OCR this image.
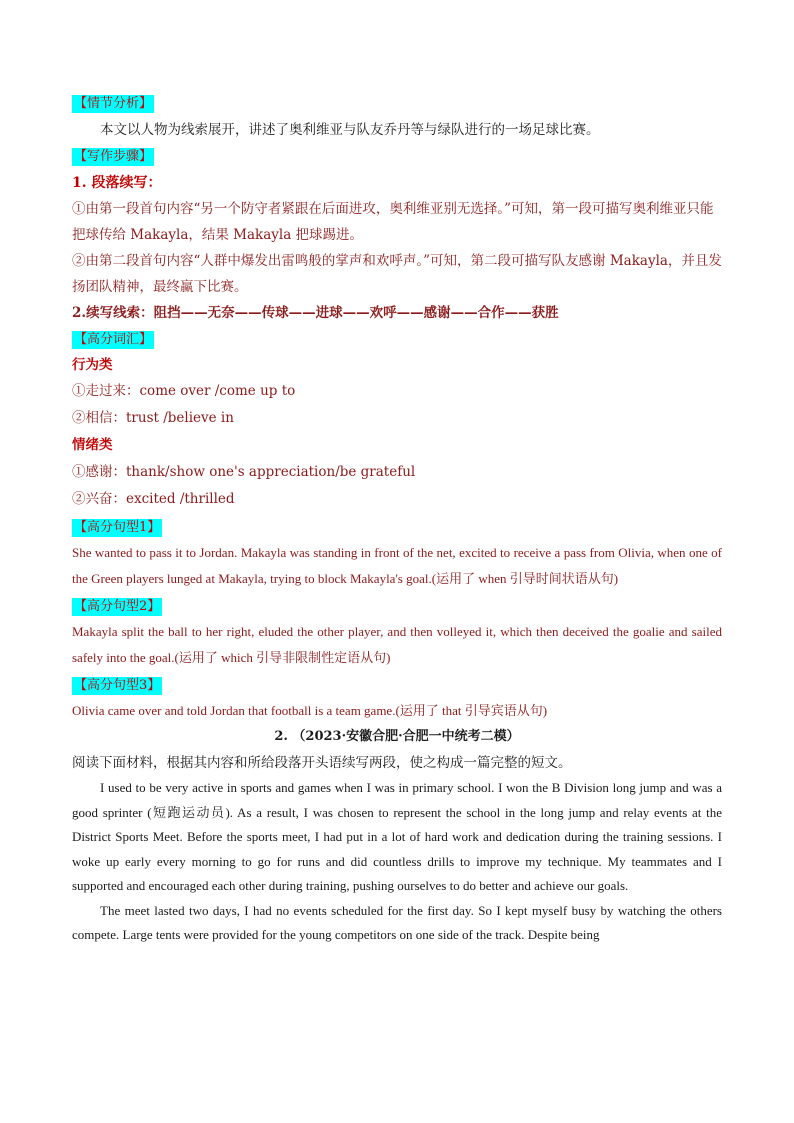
【情节分析】

本文以人物为线索展开，讲述了奥利维亚与队友乔丹等与绿队进行的一场足球比赛。

【写作步骤】

1. 段落续写：

①由第一段首句内容“另一个防守者紧跟在后面进攻，奥利维亚别无选择。”可知，第一段可描写奥利维亚只能把球传给 Makayla，结果 Makayla 把球踢进。

②由第二段首句内容“人群中爆发出雷鸣般的掌声和欢呼声。”可知，第二段可描写队友感谢 Makayla，并且发扬团队精神，最终赢下比赛。

2.续写线索：阻挡——无奈——传球——进球——欢呼——感谢——合作——获胜

【高分词汇】

行为类

①走过来：come over /come up to

②相信：trust /believe in

情绪类

①感谢：thank/show one's appreciation/be grateful

②兴奋：excited /thrilled

【高分句型1】

She wanted to pass it to Jordan. Makayla was standing in front of the net, excited to receive a pass from Olivia, when one of the Green players lunged at Makayla, trying to block Makayla's goal.(运用了 when 引导时间状语从句)

【高分句型2】

Makayla split the ball to her right, eluded the other player, and then volleyed it, which then deceived the goalie and sailed safely into the goal.(运用了 which 引导非限制性定语从句)

【高分句型3】

Olivia came over and told Jordan that football is a team game.(运用了 that 引导宾语从句)

2. （2023·安徽合肥·合肥一中统考二模）

阅读下面材料，根据其内容和所给段落开头语续写两段，使之构成一篇完整的短文。

I used to be very active in sports and games when I was in primary school. I won the B Division long jump and was a good sprinter (短跑运动员). As a result, I was chosen to represent the school in the long jump and relay events at the District Sports Meet. Before the sports meet, I had put in a lot of hard work and dedication during the training sessions. I woke up early every morning to go for runs and did countless drills to improve my technique. My teammates and I supported and encouraged each other during training, pushing ourselves to do better and achieve our goals.

The meet lasted two days, I had no events scheduled for the first day. So I kept myself busy by watching the others compete. Large tents were provided for the young competitors on one side of the track. Despite being
